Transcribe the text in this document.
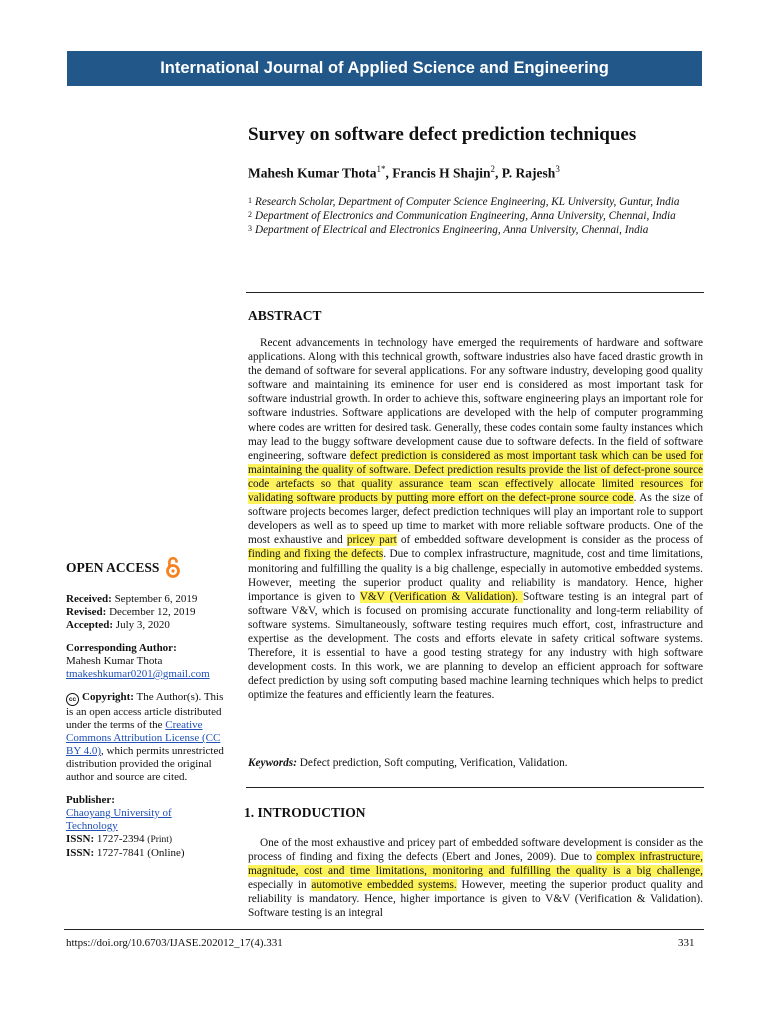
International Journal of Applied Science and Engineering
Survey on software defect prediction techniques
Mahesh Kumar Thota$^{1*}$, Francis H Shajin$^2$, P. Rajesh$^3$
1 Research Scholar, Department of Computer Science Engineering, KL University, Guntur, India
2 Department of Electronics and Communication Engineering, Anna University, Chennai, India
3 Department of Electrical and Electronics Engineering, Anna University, Chennai, India
ABSTRACT

Recent advancements in technology have emerged the requirements of hardware and software applications. Along with this technical growth, software industries also have faced drastic growth in the demand of software for several applications. For any software industry, developing good quality software and maintaining its eminence for user end is considered as most important task for software industrial growth. In order to achieve this, software engineering plays an important role for software industries. Software applications are developed with the help of computer programming where codes are written for desired task. Generally, these codes contain some faulty instances which may lead to the buggy software development cause due to software defects. In the field of software engineering, software defect prediction is considered as most important task which can be used for maintaining the quality of software. Defect prediction results provide the list of defect-prone source code artefacts so that quality assurance team scan effectively allocate limited resources for validating software products by putting more effort on the defect-prone source code. As the size of software projects becomes larger, defect prediction techniques will play an important role to support developers as well as to speed up time to market with more reliable software products. One of the most exhaustive and pricey part of embedded software development is consider as the process of finding and fixing the defects. Due to complex infrastructure, magnitude, cost and time limitations, monitoring and fulfilling the quality is a big challenge, especially in automotive embedded systems. However, meeting the superior product quality and reliability is mandatory. Hence, higher importance is given to V&V (Verification & Validation). Software testing is an integral part of software V&V, which is focused on promising accurate functionality and long-term reliability of software systems. Simultaneously, software testing requires much effort, cost, infrastructure and expertise as the development. The costs and efforts elevate in safety critical software systems. Therefore, it is essential to have a good testing strategy for any industry with high software development costs. In this work, we are planning to develop an efficient approach for software defect prediction by using soft computing based machine learning techniques which helps to predict optimize the features and efficiently learn the features.

Keywords: Defect prediction, Soft computing, Verification, Validation.
1. INTRODUCTION

One of the most exhaustive and pricey part of embedded software development is consider as the process of finding and fixing the defects (Ebert and Jones, 2009). Due to complex infrastructure, magnitude, cost and time limitations, monitoring and fulfilling the quality is a big challenge, especially in automotive embedded systems. However, meeting the superior product quality and reliability is mandatory. Hence, higher importance is given to V&V (Verification & Validation). Software testing is an integral

OPEN ACCESS

Received: September 6, 2019

Revised: December 12, 2019

Accepted: July 3, 2020

Corresponding Author:

Mahesh Kumar Thota

tmakeshkumar0201@gmail.com

cc Copyright: The Author(s). This is an open access article distributed under the terms of the Creative Commons Attribution License (CC BY 4.0), which permits unrestricted distribution provided the original author and source are cited.

Publisher:

Chaoyang University of Technology

ISSN: 1727-2394 (Print)

ISSN: 1727-7841 (Online)

https://doi.org/10.6703/IJASE.202012_17(4).331	331
